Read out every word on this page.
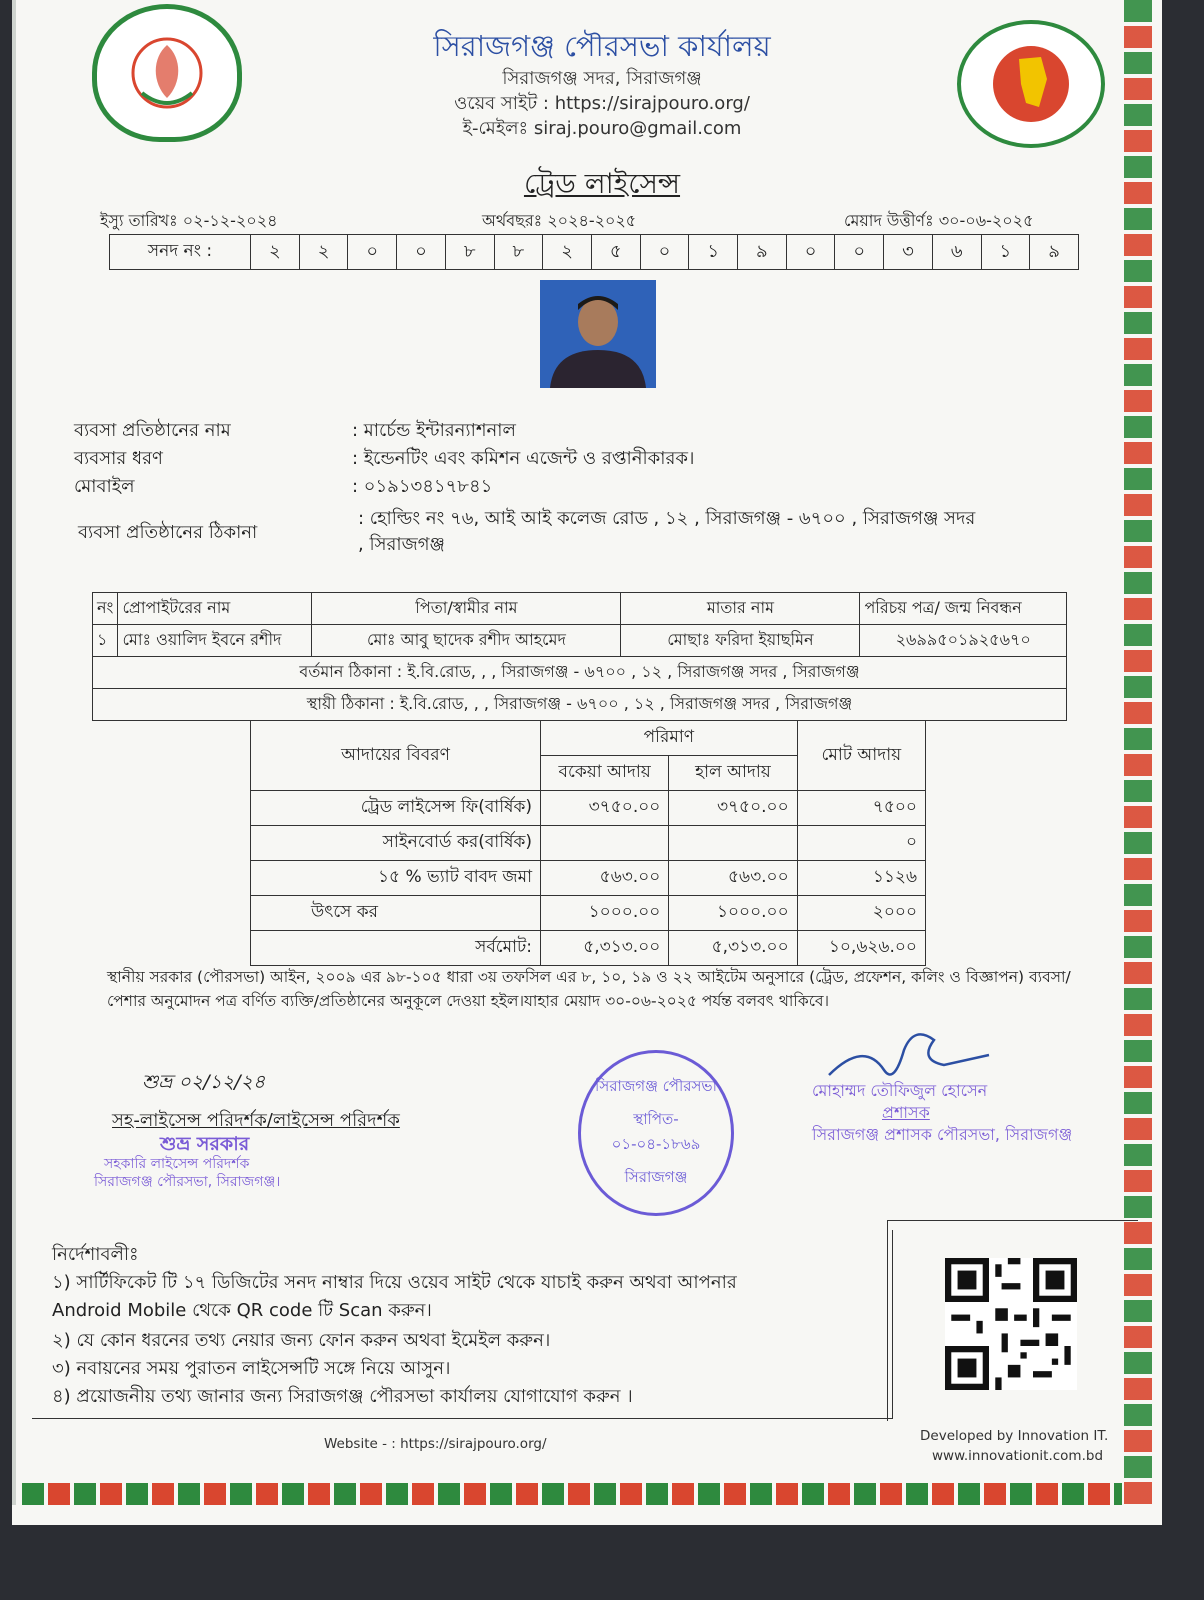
সিরাজগঞ্জ পৌরসভা কার্যালয়
সিরাজগঞ্জ সদর, সিরাজগঞ্জ
ওয়েব সাইট : https://sirajpouro.org/
ই-মেইলঃ siraj.pouro@gmail.com
ট্রেড লাইসেন্স
ইস্যু তারিখঃ ০২-১২-২০২৪	অর্থবছরঃ ২০২৪-২০২৫	মেয়াদ উত্তীর্ণঃ ৩০-০৬-২০২৫
সনদ নং :	২	২	০	০	৮	৮	২	৫	০	১	৯	০	০	৩	৬	১	৯
ব্যবসা প্রতিষ্ঠানের নাম	: মার্চেন্ড ইন্টারন্যাশনাল
ব্যবসার ধরণ	: ইন্ডেনটিং এবং কমিশন এজেন্ট ও রপ্তানীকারক।
মোবাইল	: ০১৯১৩৪১৭৮৪১
ব্যবসা প্রতিষ্ঠানের ঠিকানা
: হোল্ডিং নং ৭৬, আই আই কলেজ রোড , ১২ , সিরাজগঞ্জ - ৬৭০০ , সিরাজগঞ্জ সদর
, সিরাজগঞ্জ
নং	প্রোপাইটরের নাম	পিতা/স্বামীর নাম	মাতার নাম	পরিচয় পত্র/ জন্ম নিবন্ধন
১	মোঃ ওয়ালিদ ইবনে রশীদ	মোঃ আবু ছাদেক রশীদ আহমেদ	মোছাঃ ফরিদা ইয়াছমিন	২৬৯৯৫০১৯২৫৬৭০
বর্তমান ঠিকানা : ই.বি.রোড, , , সিরাজগঞ্জ - ৬৭০০ , ১২ , সিরাজগঞ্জ সদর , সিরাজগঞ্জ				
স্থায়ী ঠিকানা : ই.বি.রোড, , , সিরাজগঞ্জ - ৬৭০০ , ১২ , সিরাজগঞ্জ সদর , সিরাজগঞ্জ				
আদায়ের বিবরণ	পরিমাণ		মোট আদায়
	বকেয়া আদায়	হাল আদায়	
ট্রেড লাইসেন্স ফি(বার্ষিক)	৩৭৫০.০০	৩৭৫০.০০	৭৫০০
সাইনবোর্ড কর(বার্ষিক)			০
১৫ % ভ্যাট বাবদ জমা	৫৬৩.০০	৫৬৩.০০	১১২৬
উৎসে কর	১০০০.০০	১০০০.০০	২০০০
সর্বমোট:	৫,৩১৩.০০	৫,৩১৩.০০	১০,৬২৬.০০
স্থানীয় সরকার (পৌরসভা) আইন, ২০০৯ এর ৯৮-১০৫ ধারা ৩য় তফসিল এর ৮, ১০, ১৯ ও ২২ আইটেম অনুসারে (ট্রেড, প্রফেশন, কলিং ও বিজ্ঞাপন) ব্যবসা/পেশার অনুমোদন পত্র বর্ণিত ব্যক্তি/প্রতিষ্ঠানের অনুকূলে দেওয়া হইল।যাহার মেয়াদ ৩০-০৬-২০২৫ পর্যন্ত বলবৎ থাকিবে।
সিরাজগঞ্জ পৌরসভা
স্থাপিত-
০১-০৪-১৮৬৯
সিরাজগঞ্জ
শুভ্র ০২/১২/২৪
সহ-লাইসেন্স পরিদর্শক/লাইসেন্স পরিদর্শক
শুভ্র সরকার
সহকারি লাইসেন্স পরিদর্শক
সিরাজগঞ্জ পৌরসভা, সিরাজগঞ্জ।
মোহাম্মদ তৌফিজুল হোসেন
প্রশাসক
সিরাজগঞ্জ প্রশাসক পৌরসভা, সিরাজগঞ্জ
নির্দেশাবলীঃ
১) সার্টিফিকেট টি ১৭ ডিজিটের সনদ নাম্বার দিয়ে ওয়েব সাইট থেকে যাচাই করুন অথবা আপনার
Android Mobile থেকে QR code টি Scan করুন।
২) যে কোন ধরনের তথ্য নেয়ার জন্য ফোন করুন অথবা ইমেইল করুন।
৩) নবায়নের সময় পুরাতন লাইসেন্সটি সঙ্গে নিয়ে আসুন।
৪) প্রয়োজনীয় তথ্য জানার জন্য সিরাজগঞ্জ পৌরসভা কার্যালয় যোগাযোগ করুন ।
Website - : https://sirajpouro.org/	Developed by Innovation IT.
www.innovationit.com.bd
